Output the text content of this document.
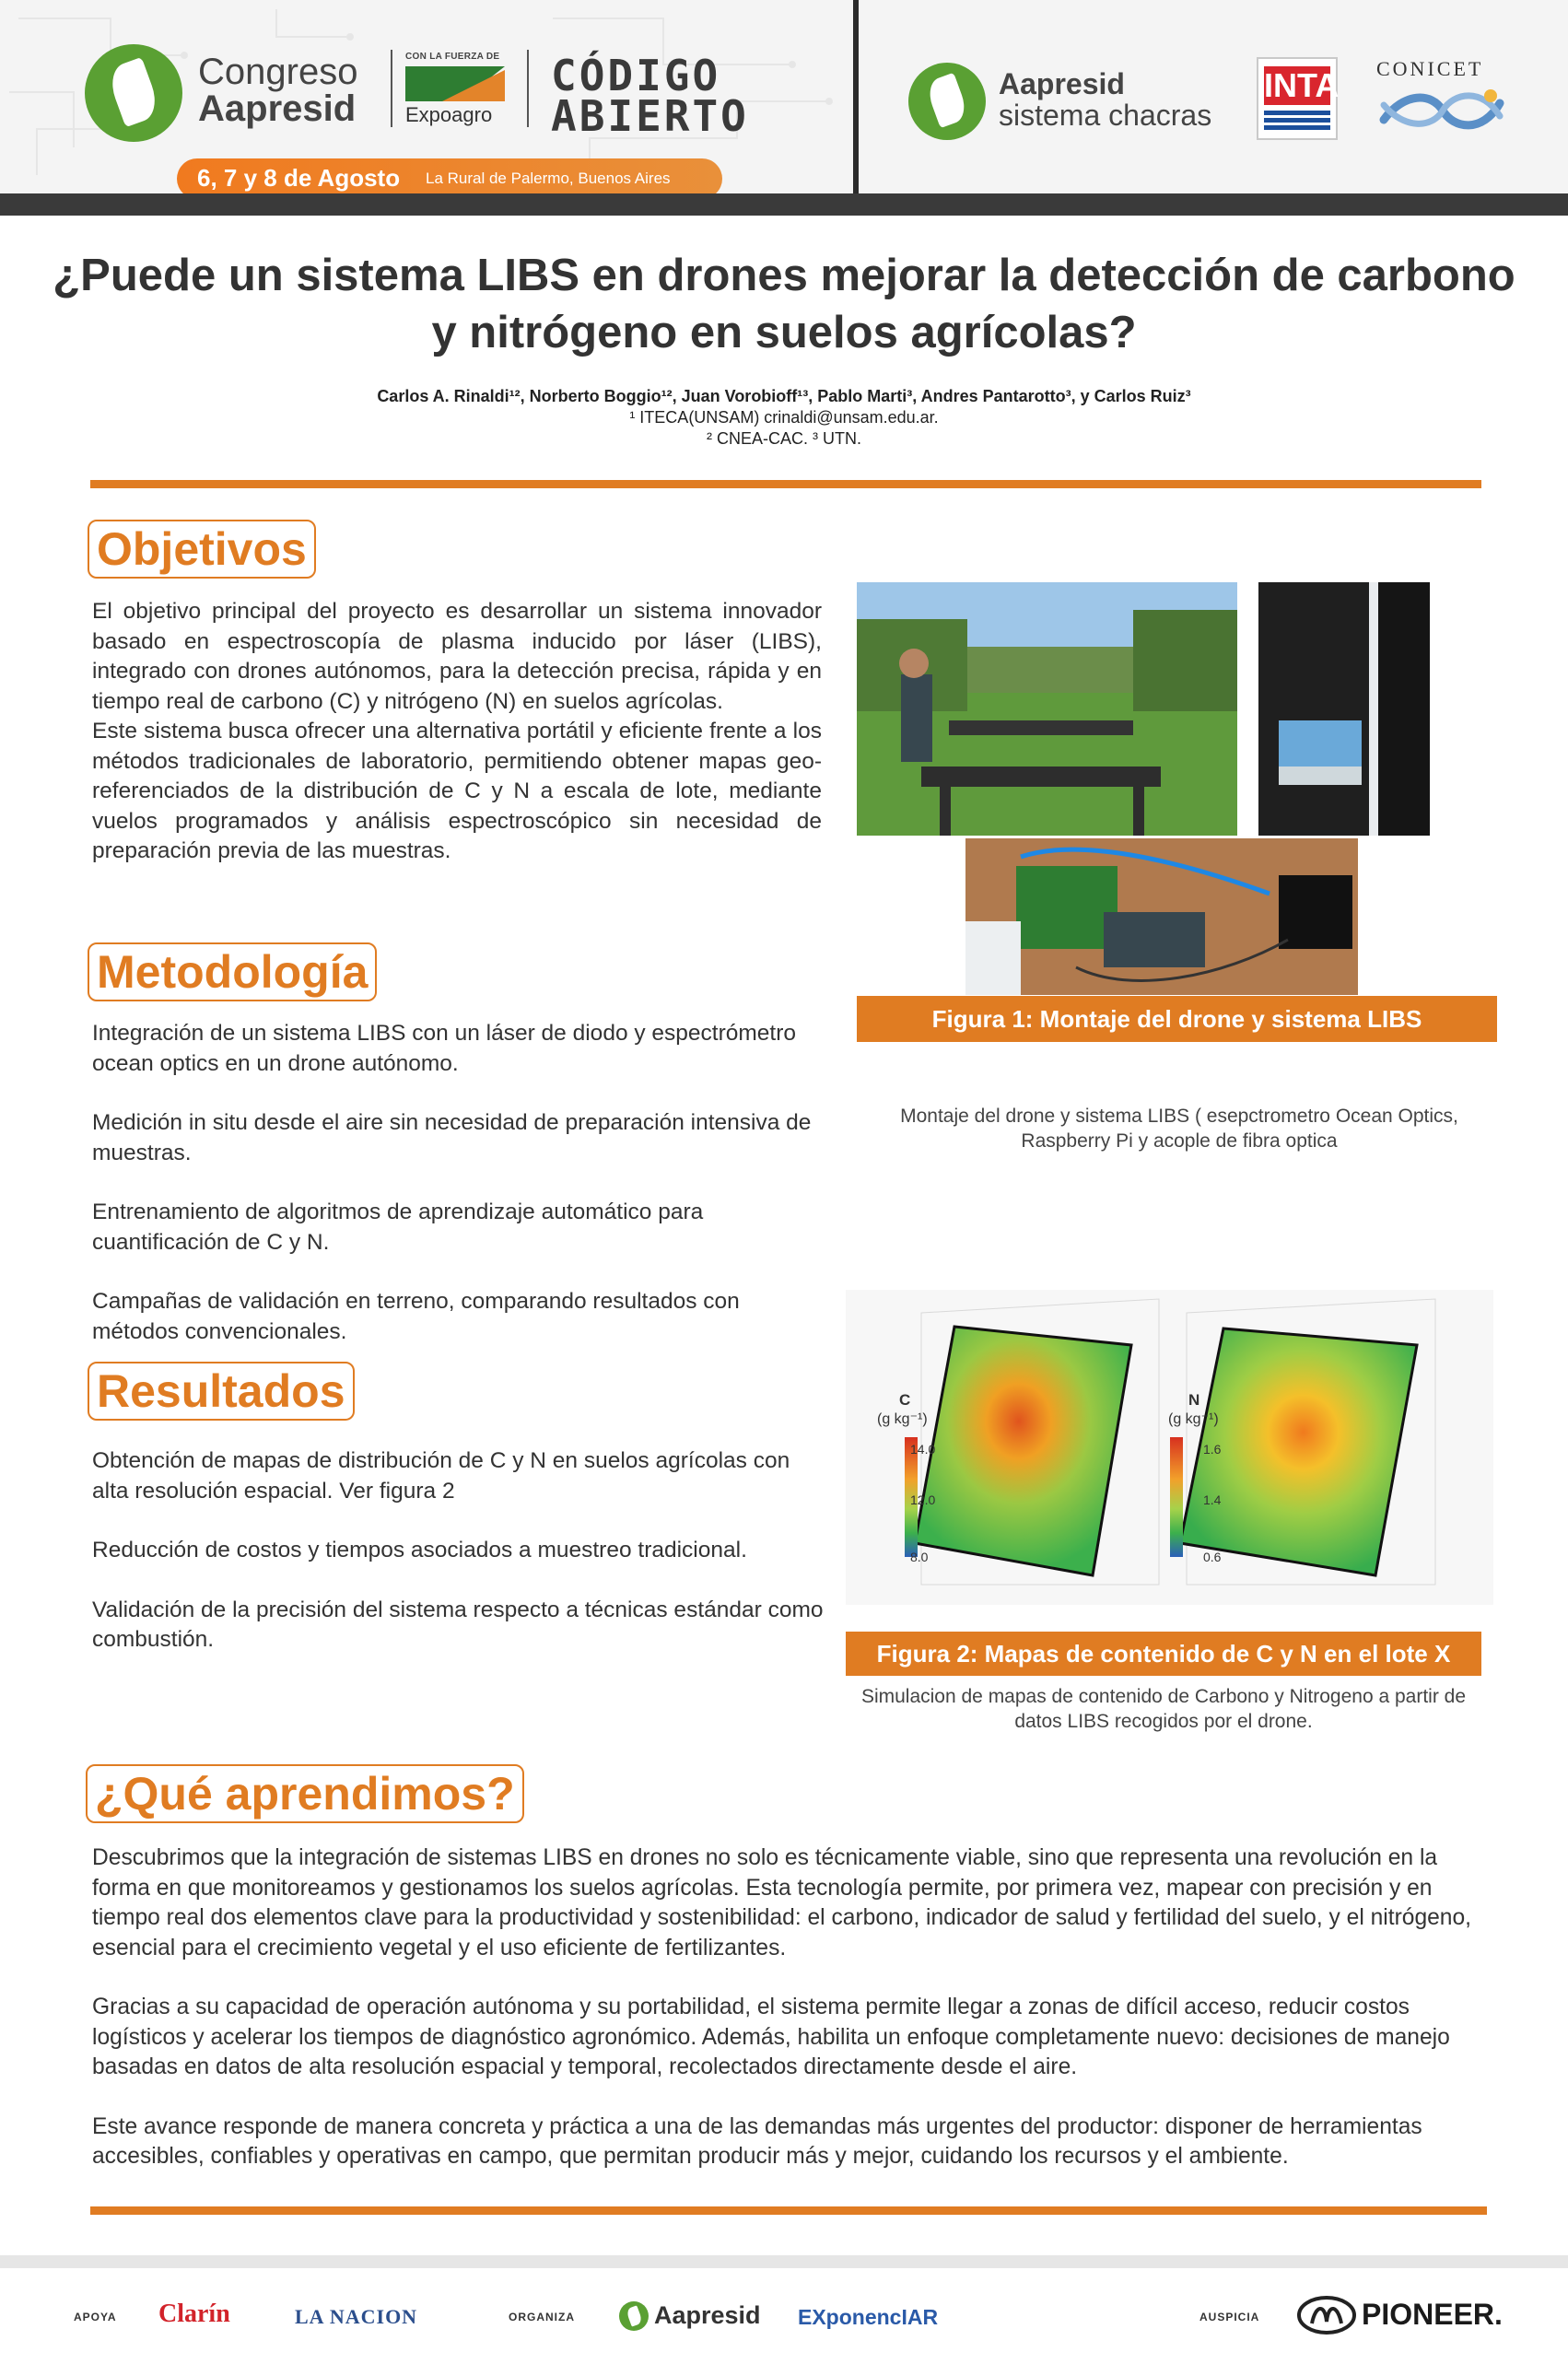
Congreso
Aapresid
CON LA FUERZA DE
Expoagro
CÓDIGO
ABIERTO
6, 7 y 8 de Agosto La Rural de Palermo, Buenos Aires
Aapresid
sistema chacras
INTA CONICET
¿Puede un sistema LIBS en drones mejorar la detección de carbono y nitrógeno en suelos agrícolas?
Carlos A. Rinaldi¹², Norberto Boggio¹², Juan Vorobioff¹³, Pablo Marti³, Andres Pantarotto³, y Carlos Ruiz³
¹ ITECA(UNSAM) crinaldi@unsam.edu.ar.
² CNEA-CAC. ³ UTN.
Objetivos

El objetivo principal del proyecto es desarrollar un sistema innovador basado en espectroscopía de plasma inducido por láser (LIBS), integrado con drones autónomos, para la detección precisa, rápida y en tiempo real de carbono (C) y nitrógeno (N) en suelos agrícolas.

Este sistema busca ofrecer una alternativa portátil y eficiente frente a los métodos tradicionales de laboratorio, permitiendo obtener mapas geo-referenciados de la distribución de C y N a escala de lote, mediante vuelos programados y análisis espectroscópico sin necesidad de preparación previa de las muestras.

Metodología

Integración de un sistema LIBS con un láser de diodo y espectrómetro ocean optics en un drone autónomo.

Medición in situ desde el aire sin necesidad de preparación intensiva de muestras.

Entrenamiento de algoritmos de aprendizaje automático para cuantificación de C y N.

Campañas de validación en terreno, comparando resultados con métodos convencionales.

Resultados

Obtención de mapas de distribución de C y N en suelos agrícolas con alta resolución espacial. Ver figura 2

Reducción de costos y tiempos asociados a muestreo tradicional.

Validación de la precisión del sistema respecto a técnicas estándar como combustión.

Figura 1: Montaje del drone y sistema LIBS
Montaje del drone y sistema LIBS ( esepctrometro Ocean Optics, Raspberry Pi y acople de fibra optica
C
(g kg⁻¹)
14.0
12.0
8.0
N
(g kg⁻¹)
1.6
1.4
0.6
Figura 2: Mapas de contenido de C y N en el lote X
Simulacion de mapas de contenido de Carbono y Nitrogeno a partir de datos LIBS recogidos por el drone.
¿Qué aprendimos?

Descubrimos que la integración de sistemas LIBS en drones no solo es técnicamente viable, sino que representa una revolución en la forma en que monitoreamos y gestionamos los suelos agrícolas. Esta tecnología permite, por primera vez, mapear con precisión y en tiempo real dos elementos clave para la productividad y sostenibilidad: el carbono, indicador de salud y fertilidad del suelo, y el nitrógeno, esencial para el crecimiento vegetal y el uso eficiente de fertilizantes.

Gracias a su capacidad de operación autónoma y su portabilidad, el sistema permite llegar a zonas de difícil acceso, reducir costos logísticos y acelerar los tiempos de diagnóstico agronómico. Además, habilita un enfoque completamente nuevo: decisiones de manejo basadas en datos de alta resolución espacial y temporal, recolectados directamente desde el aire.

Este avance responde de manera concreta y práctica a una de las demandas más urgentes del productor: disponer de herramientas accesibles, confiables y operativas en campo, que permitan producir más y mejor, cuidando los recursos y el ambiente.

APOYA Clarín	LA NACION	ORGANIZA	Aapresid EXponencIAR	AUSPICIA	PIONEER.
